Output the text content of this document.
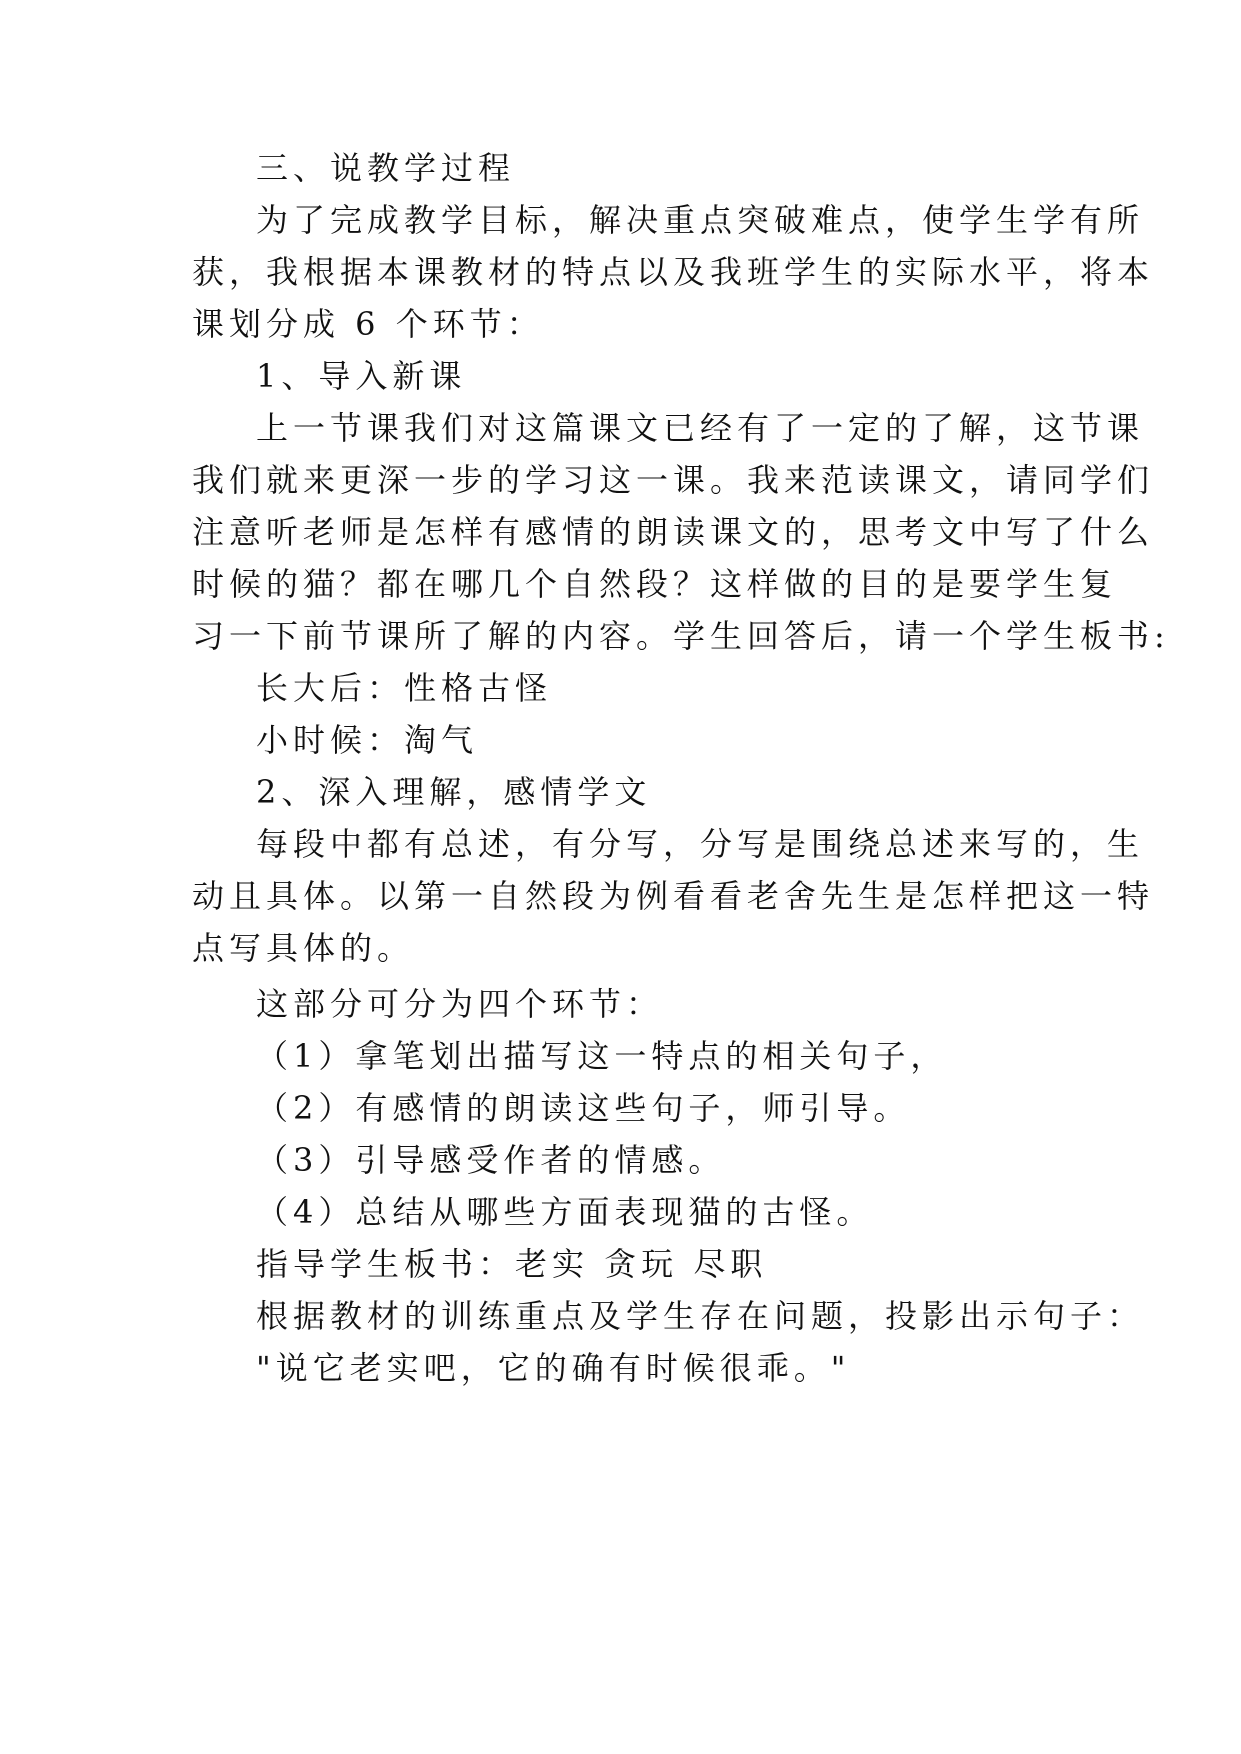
三、说教学过程
为了完成教学目标，解决重点突破难点，使学生学有所
获，我根据本课教材的特点以及我班学生的实际水平，将本
课划分成 6 个环节：
1、导入新课
上一节课我们对这篇课文已经有了一定的了解，这节课
我们就来更深一步的学习这一课。我来范读课文，请同学们
注意听老师是怎样有感情的朗读课文的，思考文中写了什么
时候的猫？都在哪几个自然段？这样做的目的是要学生复
习一下前节课所了解的内容。学生回答后，请一个学生板书:
长大后：性格古怪
小时候：淘气
2、深入理解，感情学文
每段中都有总述，有分写，分写是围绕总述来写的，生
动且具体。以第一自然段为例看看老舍先生是怎样把这一特
点写具体的。
这部分可分为四个环节：
（1）拿笔划出描写这一特点的相关句子，
（2）有感情的朗读这些句子，师引导。
（3）引导感受作者的情感。
（4）总结从哪些方面表现猫的古怪。
指导学生板书：老实 贪玩 尽职
根据教材的训练重点及学生存在问题，投影出示句子：
"说它老实吧，它的确有时候很乖。"
